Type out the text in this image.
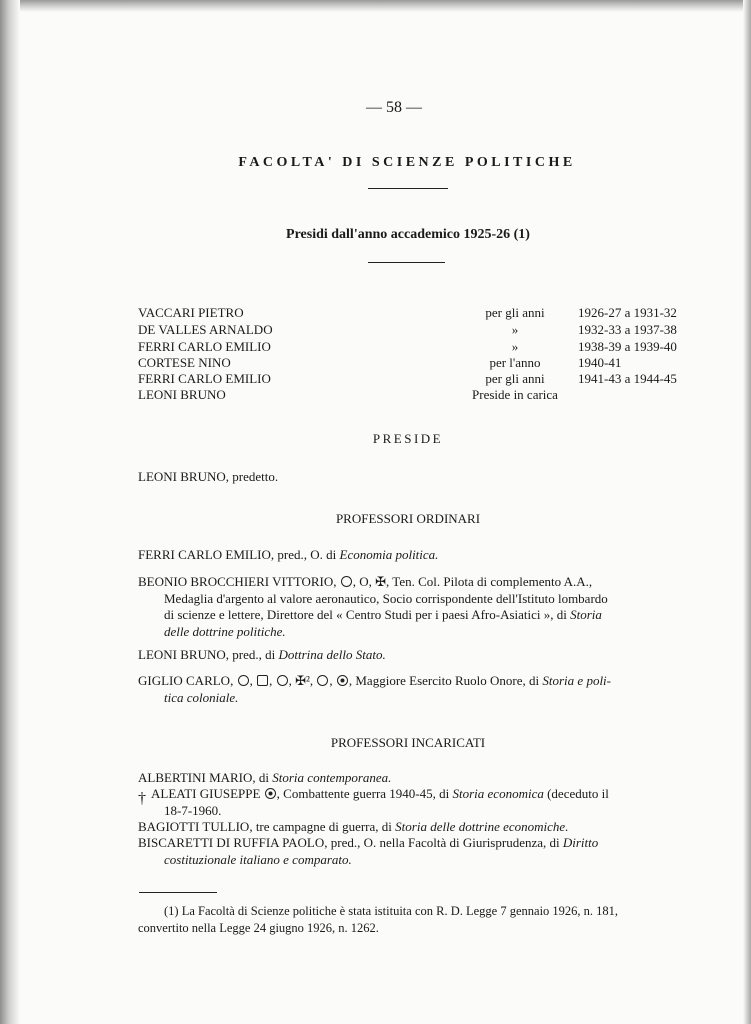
— 58 —
FACOLTA' DI SCIENZE POLITICHE
Presidi dall'anno accademico 1925-26 (1)
VACCARI PIETRO	per gli anni	1926-27 a 1931-32
DE VALLES ARNALDO	»	1932-33 a 1937-38
FERRI CARLO EMILIO	»	1938-39 a 1939-40
CORTESE NINO	per l'anno	1940-41
FERRI CARLO EMILIO	per gli anni	1941-43 a 1944-45
LEONI BRUNO	Preside in carica
PRESIDE
LEONI BRUNO, predetto.
PROFESSORI ORDINARI
FERRI CARLO EMILIO, pred., O. di Economia politica.
BEONIO BROCCHIERI VITTORIO, , O, ✠, Ten. Col. Pilota di complemento A.A.,
Medaglia d'argento al valore aeronautico, Socio corrispondente dell'Istituto lombardo
di scienze e lettere, Direttore del « Centro Studi per i paesi Afro-Asiatici », di Storia
delle dottrine politiche.
LEONI BRUNO, pred., di Dottrina dello Stato.
GIGLIO CARLO, , , , ✠², , , Maggiore Esercito Ruolo Onore, di Storia e poli-
tica coloniale.
PROFESSORI INCARICATI
ALBERTINI MARIO, di Storia contemporanea.
† ALEATI GIUSEPPE , Combattente guerra 1940-45, di Storia economica (deceduto il
18-7-1960.
BAGIOTTI TULLIO, tre campagne di guerra, di Storia delle dottrine economiche.
BISCARETTI DI RUFFIA PAOLO, pred., O. nella Facoltà di Giurisprudenza, di Diritto
costituzionale italiano e comparato.
(1) La Facoltà di Scienze politiche è stata istituita con R. D. Legge 7 gennaio 1926, n. 181,
convertito nella Legge 24 giugno 1926, n. 1262.
